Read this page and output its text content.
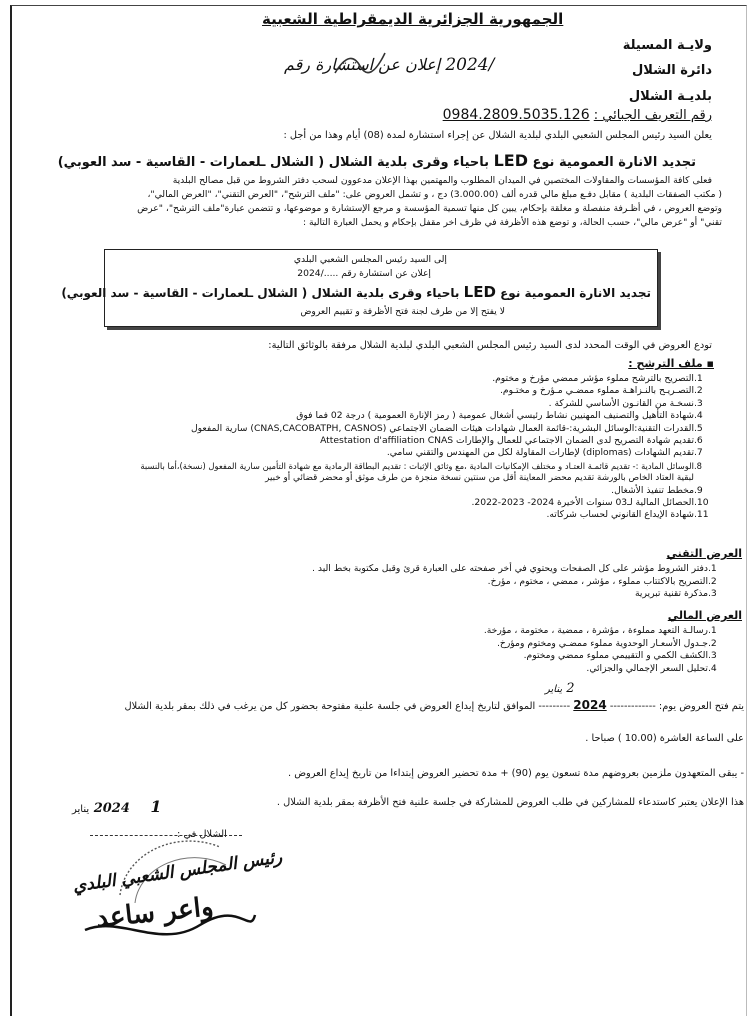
الجمهورية الجزائرية الديمقراطية الشعبية
ولايـة المسيلة
دائرة الشلال
بلديـة الشلال
2024/ إعلان عن استشارة رقم
رقم التعريف الجبائي : 0984.2809.5035.126
يعلن السيد رئيس المجلس الشعبي البلدي لبلدية الشلال عن إجراء استشارة لمدة (08) أيام وهذا من أجل :
تجديد الانارة العمومية نوع LED باحياء وقرى بلدية الشلال ( الشلال ـلعمارات - القاسية - سد العوبي)
فعلى كافة المؤسسات والمقاولات المختصين في الميدان المطلوب والمهتمين بهذا الإعلان مدعوون لسحب دفتر الشروط من قبل مصالح البلدية
( مكتب الصفقات البلدية ) مقابل دفـع مبلغ مالي قدره ألف (3.000.00) دج ، و تشمل العروض على: "ملف الترشح"، "العرض التقني"، "العرض المالي"،
وتوضع العروض ، في أظـرفة منفصلة و مغلقة بإحكام، يبين كل منها تسمية المؤسسة و مرجع الإستشارة و موضوعها، و تتضمن عبارة"ملف الترشح"، "عرض
تقني" أو "عرض مالي"، حسب الحالة، و توضع هذه الأظرفة في ظرف اخر مقفل بإحكام و يحمل العبارة التالية :
إلى السيد رئيس المجلس الشعبي البلدي
إعلان عن استشارة رقم ...../2024
تجديد الانارة العمومية نوع LED باحياء وقرى بلدية الشلال ( الشلال ـلعمارات - القاسية - سد العوبي)
لا يفتح إلا من طرف لجنة فتح الأظرفة و تقييم العروض
تودع العروض في الوقت المحدد لدى السيد رئيس المجلس الشعبي البلدي لبلدية الشلال مرفقة بالوثائق التالية:
▪ ملف الترشح :
1.
التصريح بالترشح مملوء مؤشر ممضي مؤرخ و مختوم.
2.
التصـريـح بالنـزاهـة مملوء ممضـي مـؤرخ و مختـوم.
3.
نسخـة من القانـون الأساسي للشركة .
4.
شهادة التأهيل والتصنيف المهنيين نشاط رئيسي أشغال عمومية ( رمز الإنارة العمومية ) درجة 02 فما فوق
5.
القدرات التقنية:الوسائل البشرية:-قائمة العمال شهادات هيئات الضمان الاجتماعي (CNAS,CACOBATPH, CASNOS) سارية المفعول
6.
تقديم شهادة التصريح لدى الضمان الاجتماعي للعمال والإطارات Attestation d'affiliation CNAS
7.
تقديم الشهادات (diplomas) لإطارات المقاولة لكل من المهندس والتقني سامي.
8.
الوسائل المادية :- تقديم قائمـة العتـاد و مختلف الإمكانيات المادية ،مع وثائق الإثبات : تقديم البطاقة الرمادية مع شهادة التأمين سارية المفعول (نسخة)،أما بالنسبة
لبقية العتاد الخاص بالورشة تقديم محضر المعاينة أقل من سنتين نسخة منجزة من طرف موثق أو محضر قضائي أو خبير
9.
مخطط تنفيذ الأشغال.
10.
الحصائل المالية لـ03 سنوات الأخيرة 2024- 2023-2022.
11.
شهادة الإيداع القانوني لحساب شركاته.
العرض التقني
1.
دفتر الشروط مؤشر على كل الصفحات ويحتوي في أخر صفحته على العبارة قرئ وقبل مكتوبة بخط اليد .
2.
التصريح بالاكتتاب مملوء ، مؤشر ، ممضي ، مختوم ، مؤرخ.
3.
مذكرة تقنية تبريرية
العرض المالي
1.
رسالـة التعهد مملوءة ، مؤشرة ، ممضية ، مختومة ، مؤرخة.
2.
جـدول الأسعـار الوحدوية مملوء ممضـي ومختوم ومؤرخ.
3.
الكشف الكمي و التقييمي مملوء ممضي ومختوم.
4.
تحليل السعر الإجمالي والجزائي.
2 يناير
يتم فتح العروض يوم: ------------- 2024 --------- الموافق لتاريخ إيداع العروض في جلسة علنية مفتوحة بحضور كل من يرغب في ذلك بمقر بلدية الشلال
على الساعة العاشرة (10.00 ) صباحا .
- يبقى المتعهدون ملزمين بعروضهم مدة تسعون يوم (90) + مدة تحضير العروض إبتداءا من تاريخ إيداع العروض .
هذا الإعلان يعتبر كاستدعاء للمشاركين في طلب العروض للمشاركة في جلسة علنية فتح الأظرفة بمقر بلدية الشلال .
2024 1 يناير
الشلال في :
رئيس المجلس الشعبي البلدي
واعر ساعد
